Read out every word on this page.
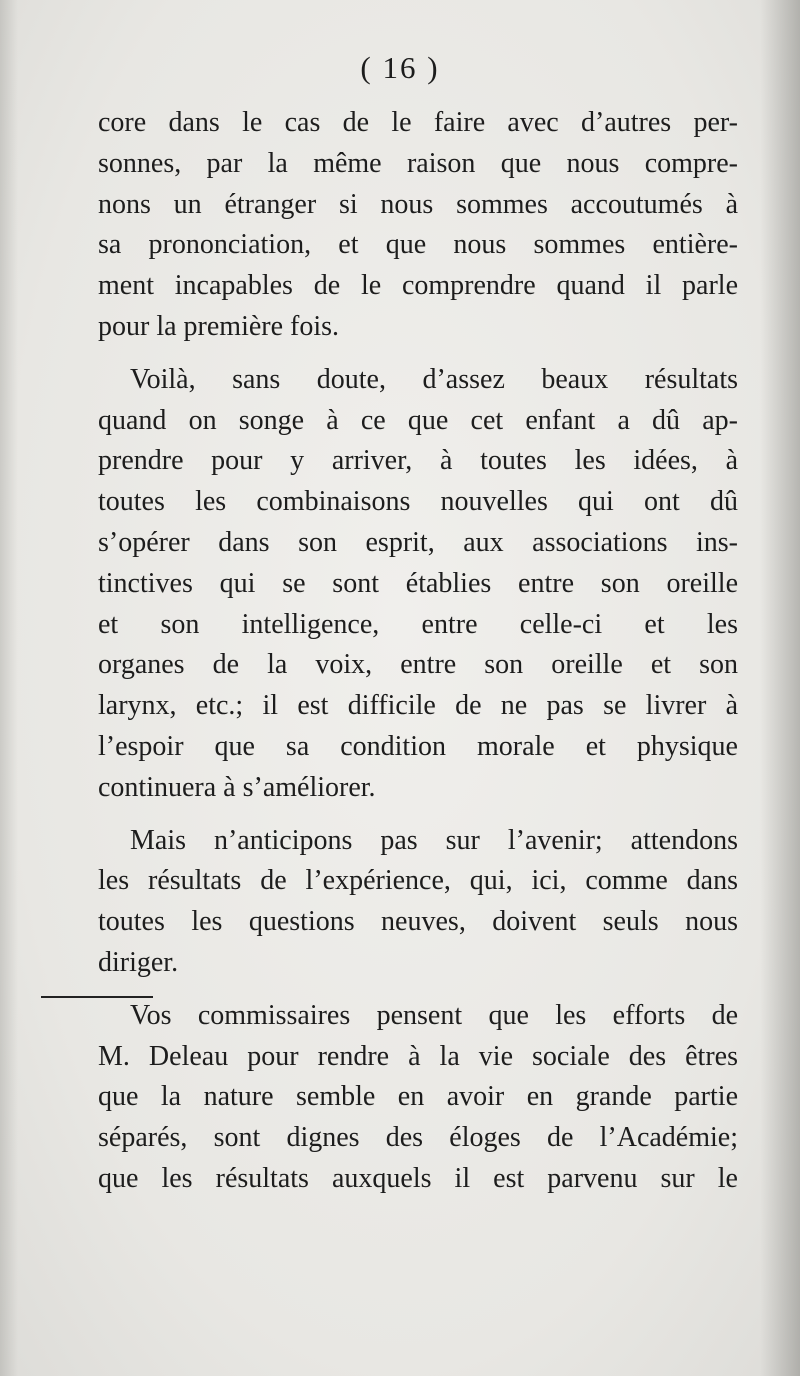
( 16 )
core dans le cas de le faire avec d’autres per-
sonnes, par la même raison que nous compre-
nons un étranger si nous sommes accoutumés à
sa prononciation, et que nous sommes entière-
ment incapables de le comprendre quand il parle
pour la première fois.
Voilà, sans doute, d’assez beaux résultats
quand on songe à ce que cet enfant a dû ap-
prendre pour y arriver, à toutes les idées, à
toutes les combinaisons nouvelles qui ont dû
s’opérer dans son esprit, aux associations ins-
tinctives qui se sont établies entre son oreille
et son intelligence, entre celle-ci et les
organes de la voix, entre son oreille et son
larynx, etc.; il est difficile de ne pas se livrer à
l’espoir que sa condition morale et physique
continuera à s’améliorer.
Mais n’anticipons pas sur l’avenir; attendons
les résultats de l’expérience, qui, ici, comme dans
toutes les questions neuves, doivent seuls nous
diriger.
Vos commissaires pensent que les efforts de
M. Deleau pour rendre à la vie sociale des êtres
que la nature semble en avoir en grande partie
séparés, sont dignes des éloges de l’Académie;
que les résultats auxquels il est parvenu sur le
